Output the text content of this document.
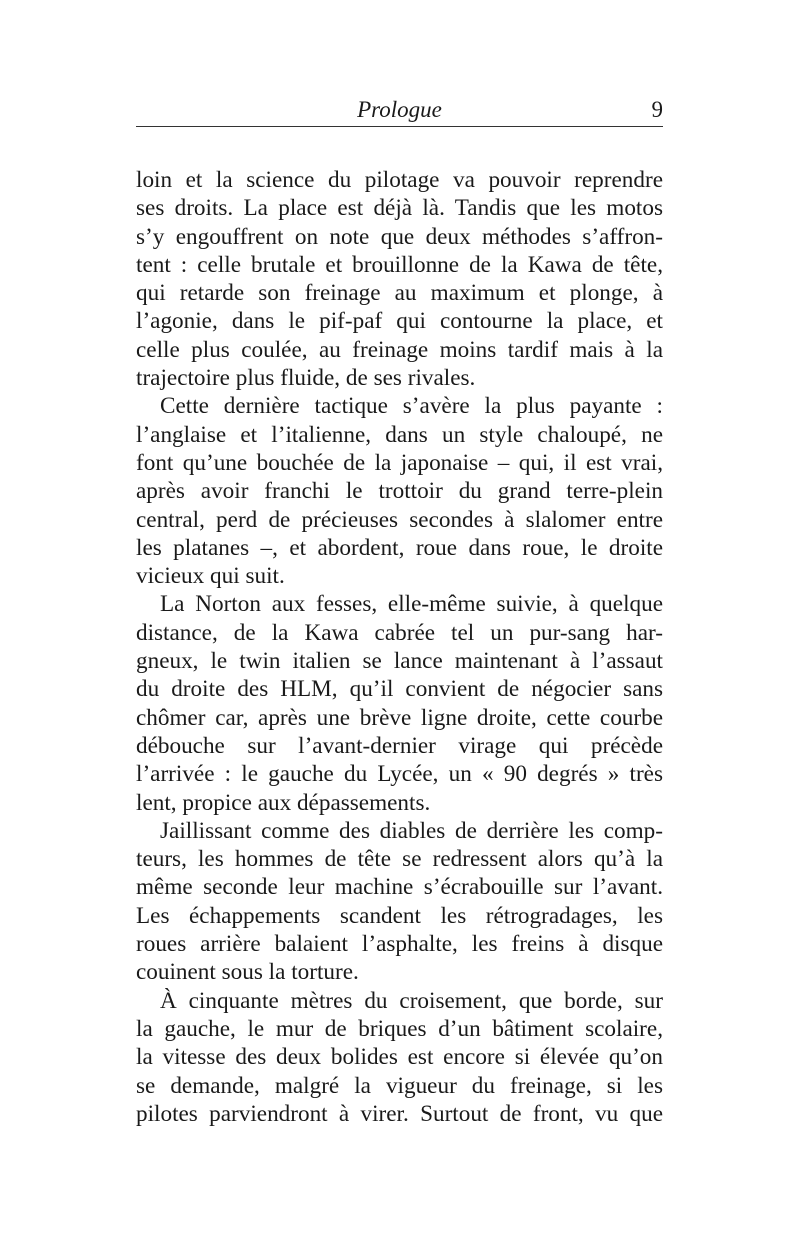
Prologue	9
loin et la science du pilotage va pouvoir reprendre
ses droits. La place est déjà là. Tandis que les motos
s’y engouffrent on note que deux méthodes s’affron-
tent : celle brutale et brouillonne de la Kawa de tête,
qui retarde son freinage au maximum et plonge, à
l’agonie, dans le pif-paf qui contourne la place, et
celle plus coulée, au freinage moins tardif mais à la
trajectoire plus fluide, de ses rivales.
Cette dernière tactique s’avère la plus payante :
l’anglaise et l’italienne, dans un style chaloupé, ne
font qu’une bouchée de la japonaise – qui, il est vrai,
après avoir franchi le trottoir du grand terre-plein
central, perd de précieuses secondes à slalomer entre
les platanes –, et abordent, roue dans roue, le droite
vicieux qui suit.
La Norton aux fesses, elle-même suivie, à quelque
distance, de la Kawa cabrée tel un pur-sang har-
gneux, le twin italien se lance maintenant à l’assaut
du droite des HLM, qu’il convient de négocier sans
chômer car, après une brève ligne droite, cette courbe
débouche sur l’avant-dernier virage qui précède
l’arrivée : le gauche du Lycée, un « 90 degrés » très
lent, propice aux dépassements.
Jaillissant comme des diables de derrière les comp-
teurs, les hommes de tête se redressent alors qu’à la
même seconde leur machine s’écrabouille sur l’avant.
Les échappements scandent les rétrogradages, les
roues arrière balaient l’asphalte, les freins à disque
couinent sous la torture.
À cinquante mètres du croisement, que borde, sur
la gauche, le mur de briques d’un bâtiment scolaire,
la vitesse des deux bolides est encore si élevée qu’on
se demande, malgré la vigueur du freinage, si les
pilotes parviendront à virer. Surtout de front, vu que
